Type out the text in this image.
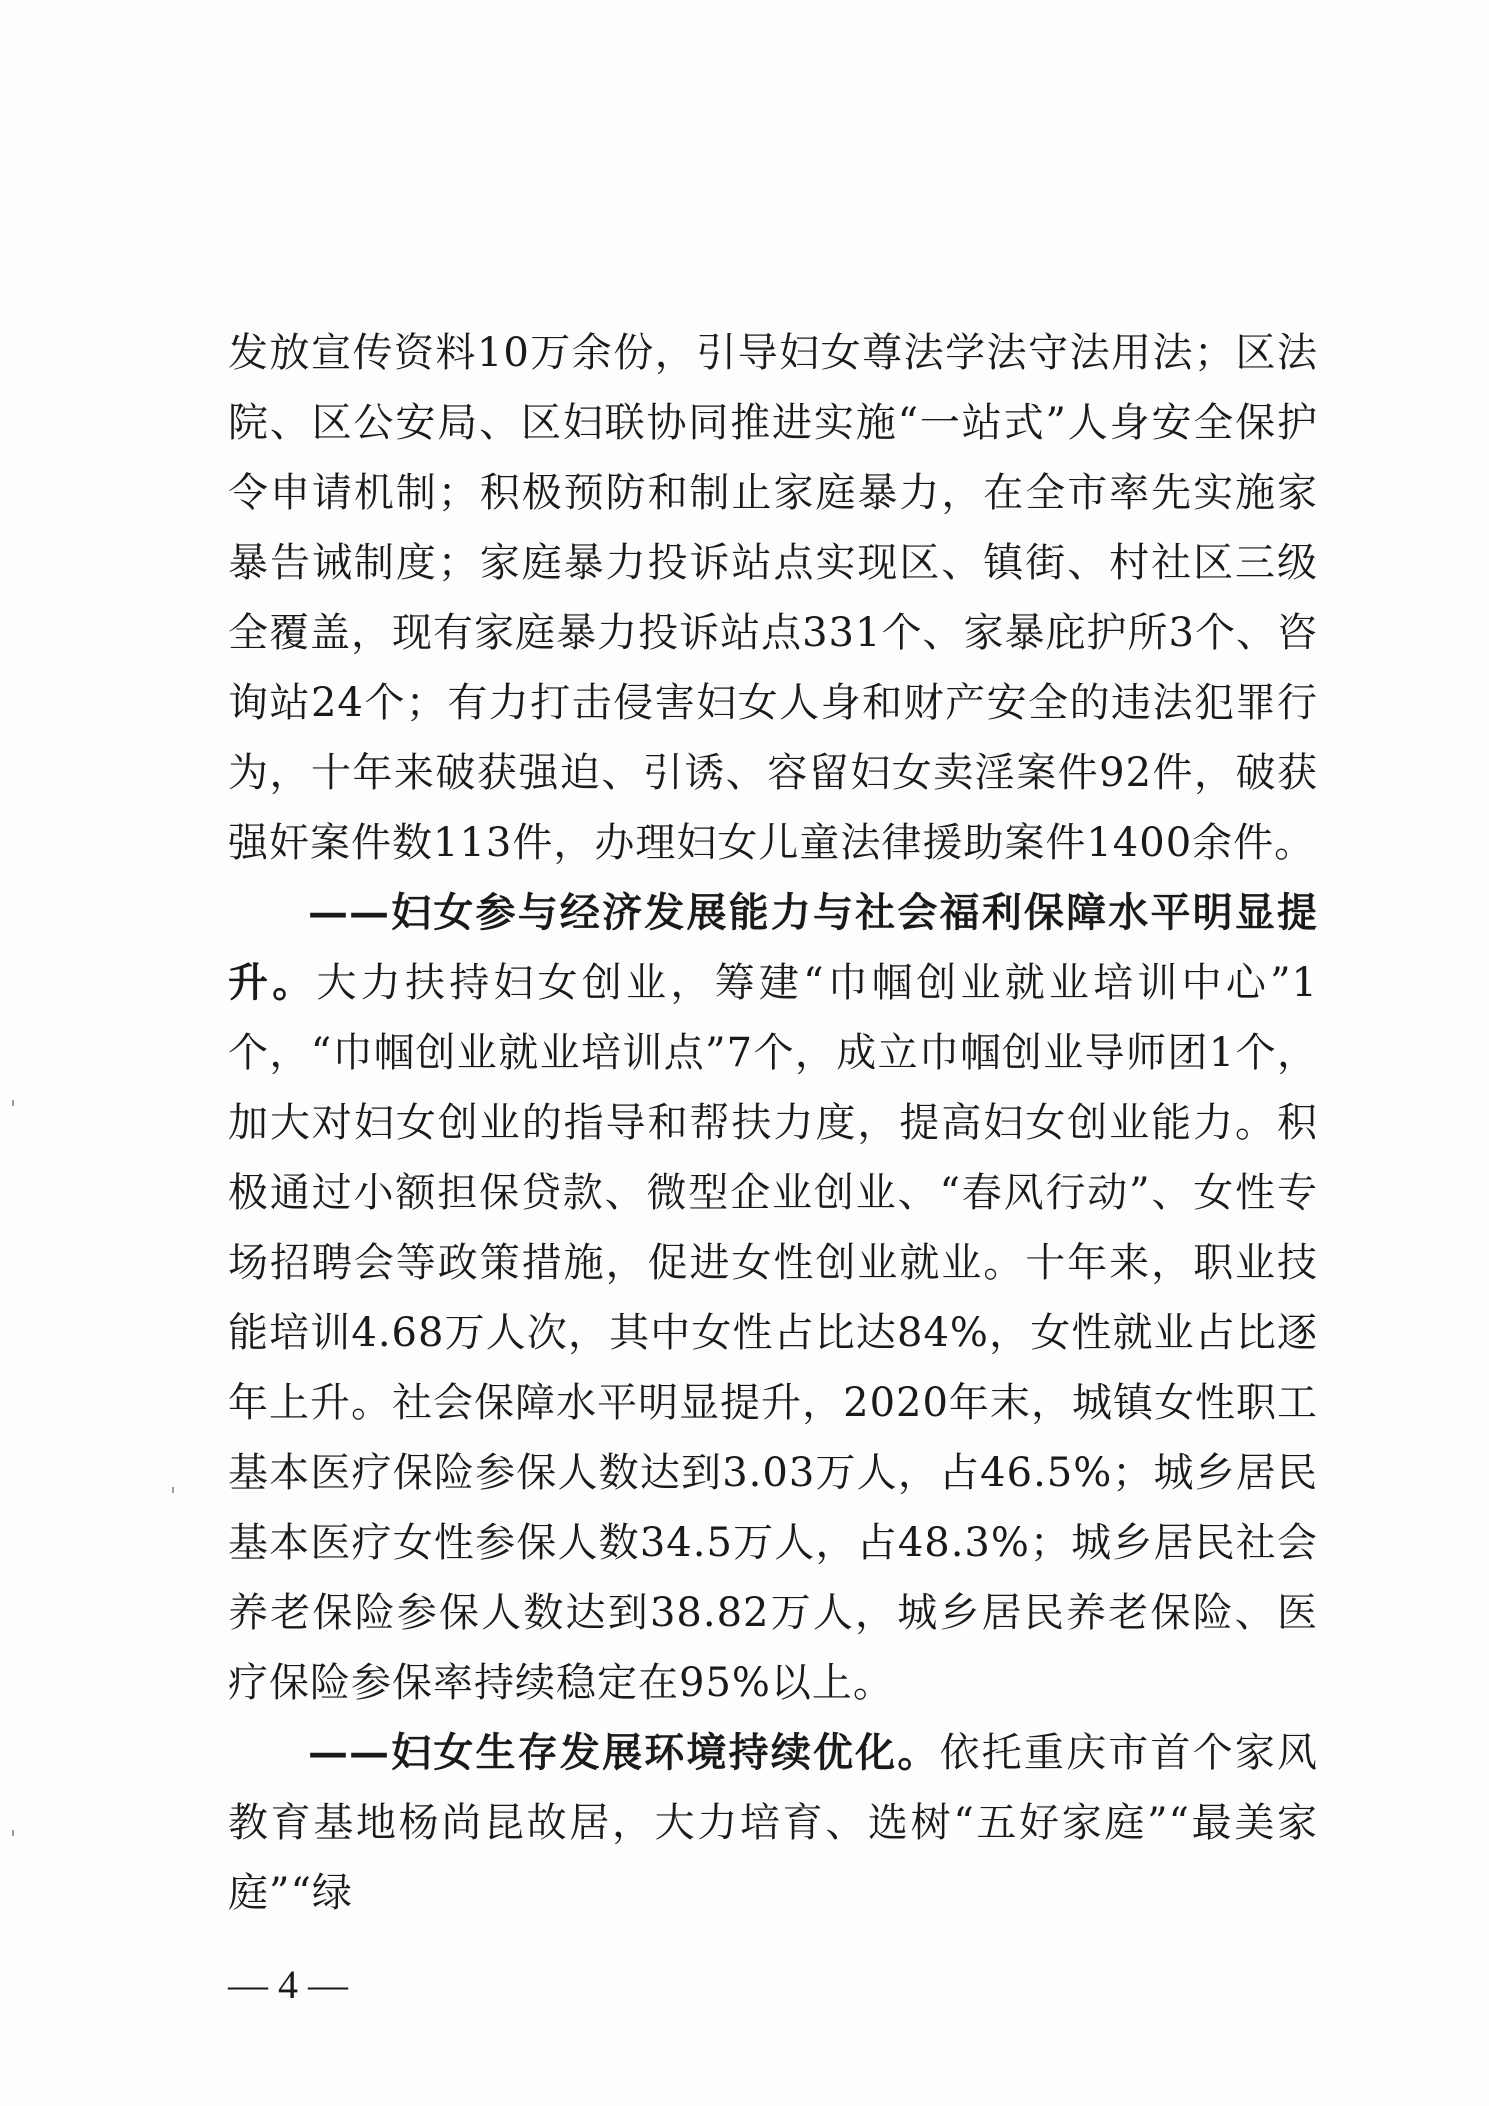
发放宣传资料10万余份，引导妇女尊法学法守法用法；区法院、区公安局、区妇联协同推进实施“一站式”人身安全保护令申请机制；积极预防和制止家庭暴力，在全市率先实施家暴告诫制度；家庭暴力投诉站点实现区、镇街、村社区三级全覆盖，现有家庭暴力投诉站点331个、家暴庇护所3个、咨询站24个；有力打击侵害妇女人身和财产安全的违法犯罪行为，十年来破获强迫、引诱、容留妇女卖淫案件92件，破获强奸案件数113件，办理妇女儿童法律援助案件1400余件。

——妇女参与经济发展能力与社会福利保障水平明显提升。大力扶持妇女创业，筹建“巾帼创业就业培训中心”1个，“巾帼创业就业培训点”7个，成立巾帼创业导师团1个，加大对妇女创业的指导和帮扶力度，提高妇女创业能力。积极通过小额担保贷款、微型企业创业、“春风行动”、女性专场招聘会等政策措施，促进女性创业就业。十年来，职业技能培训4.68万人次，其中女性占比达84%，女性就业占比逐年上升。社会保障水平明显提升，2020年末，城镇女性职工基本医疗保险参保人数达到3.03万人，占46.5%；城乡居民基本医疗女性参保人数34.5万人，占48.3%；城乡居民社会养老保险参保人数达到38.82万人，城乡居民养老保险、医疗保险参保率持续稳定在95%以上。

——妇女生存发展环境持续优化。依托重庆市首个家风教育基地杨尚昆故居，大力培育、选树“五好家庭”“最美家庭”“绿

— 4 —
